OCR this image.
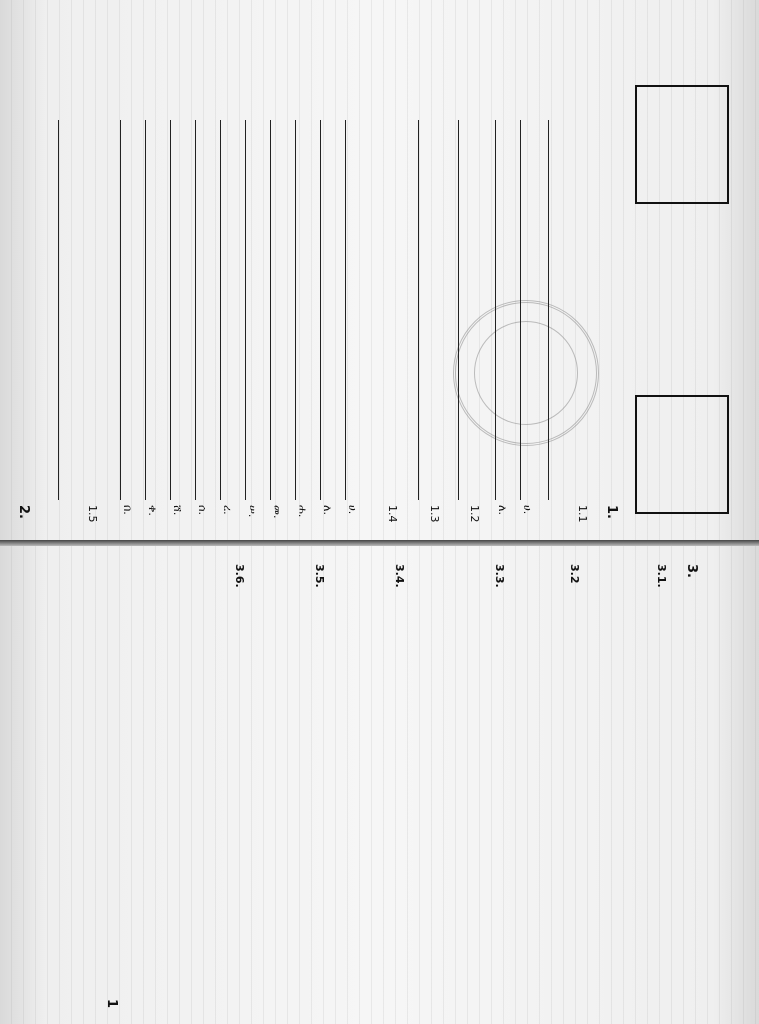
1.
1.1
ሀ.
ለ.
1.2
1.3
1.4
ሀ.
ለ.
ሐ.
መ.
ሠ.
ረ.
ሰ.
ሸ.
ቀ.
በ.
1.5
2.
3.
3.1.
3.2
3.3.
3.4.
3.5.
3.6.
1
